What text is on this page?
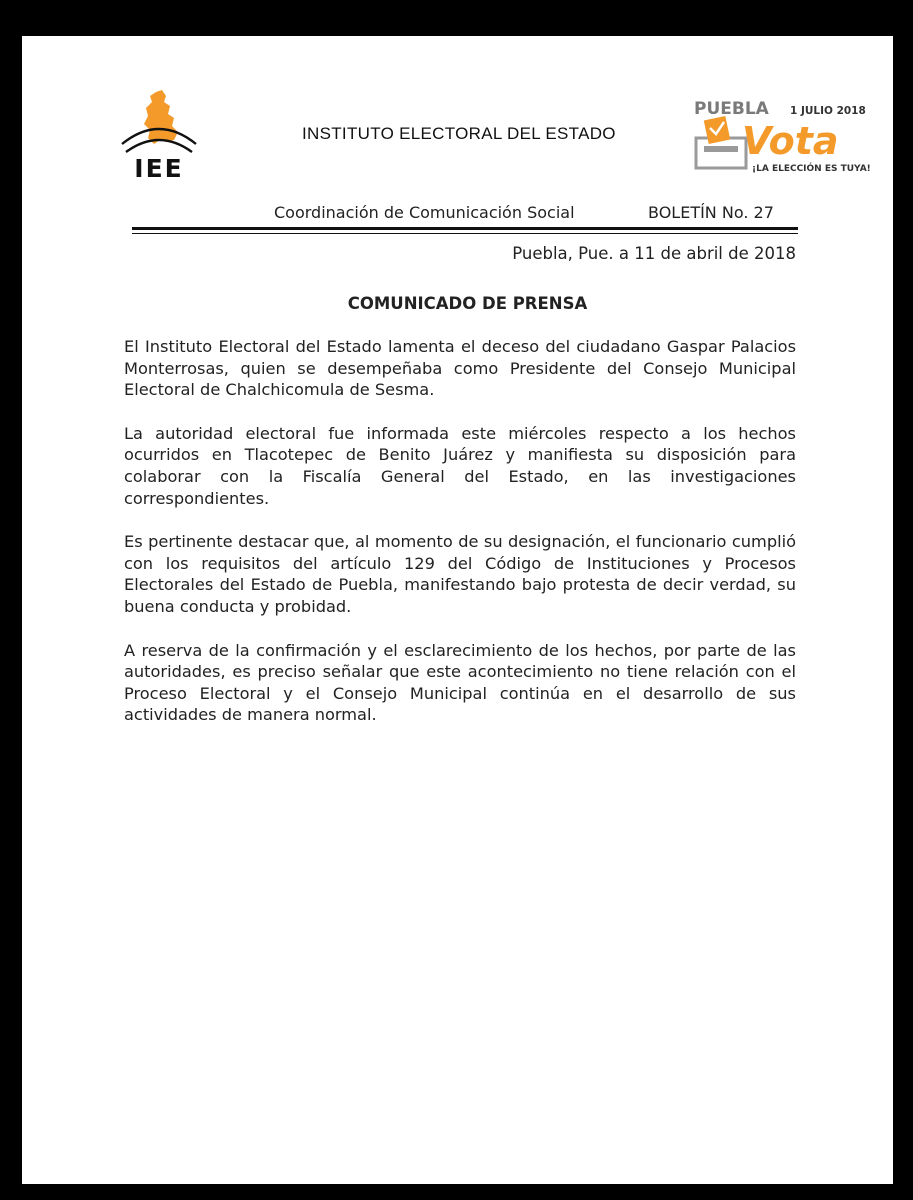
IEE
INSTITUTO ELECTORAL DEL ESTADO
PUEBLA 1 JULIO 2018
Vota
¡LA ELECCIÓN ES TUYA!
Coordinación de Comunicación Social	BOLETÍN No. 27
Puebla, Pue. a 11 de abril de 2018
COMUNICADO DE PRENSA

El Instituto Electoral del Estado lamenta el deceso del ciudadano Gaspar Palacios Monterrosas, quien se desempeñaba como Presidente del Consejo Municipal Electoral de Chalchicomula de Sesma.

La autoridad electoral fue informada este miércoles respecto a los hechos ocurridos en Tlacotepec de Benito Juárez y manifiesta su disposición para colaborar con la Fiscalía General del Estado, en las investigaciones correspondientes.

Es pertinente destacar que, al momento de su designación, el funcionario cumplió con los requisitos del artículo 129 del Código de Instituciones y Procesos Electorales del Estado de Puebla, manifestando bajo protesta de decir verdad, su buena conducta y probidad.

A reserva de la confirmación y el esclarecimiento de los hechos, por parte de las autoridades, es preciso señalar que este acontecimiento no tiene relación con el Proceso Electoral y el Consejo Municipal continúa en el desarrollo de sus actividades de manera normal.
